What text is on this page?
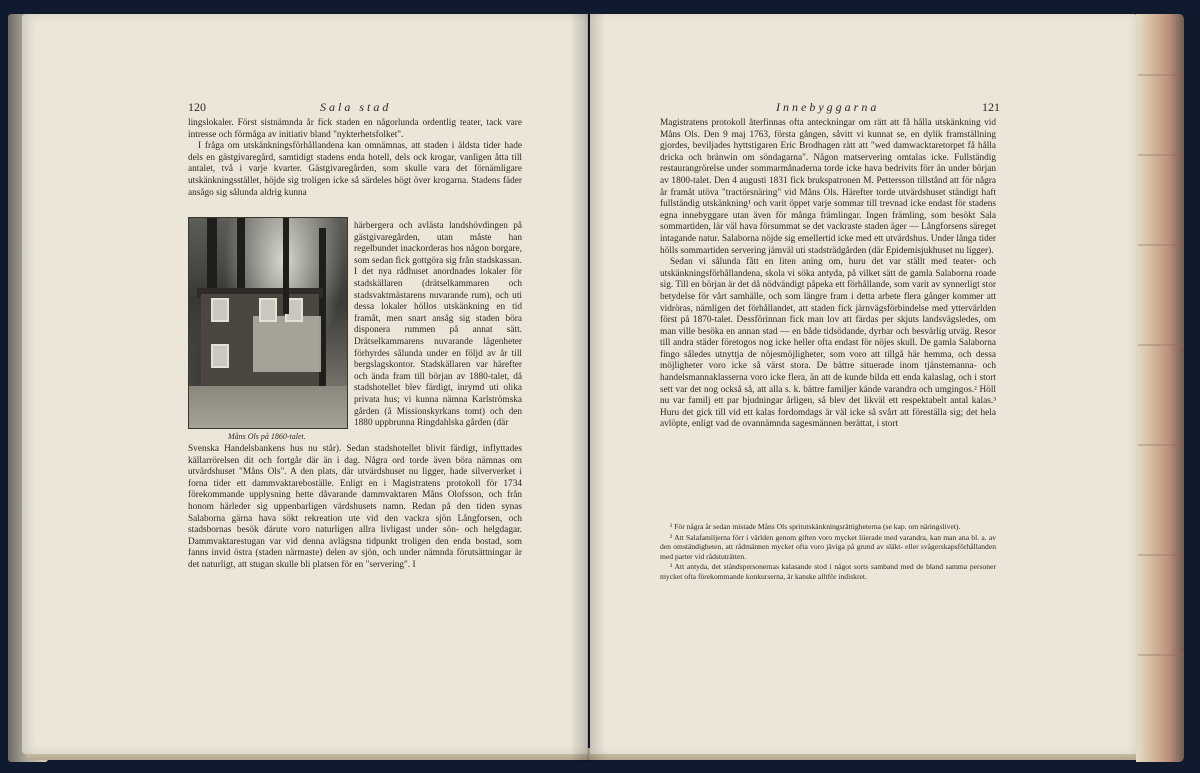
120	Sala stad

lingslokaler. Först sistnämnda år fick staden en någorlunda ordentlig teater, tack vare intresse och förmåga av initiativ bland "nykterhetsfolket".

I fråga om utskänkningsförhållandena kan omnämnas, att staden i äldsta tider hade dels en gästgivaregård, samtidigt stadens enda hotell, dels ock krogar, vanligen åtta till antalet, två i varje kvarter. Gästgivaregården, som skulle vara det förnämligare utskänkningsstället, höjde sig troligen icke så särdeles högt över krogarna. Stadens fäder ansågo sig sålunda aldrig kunna

Måns Ols på 1860-talet.

härbergera och avlästa landshövdingen på gästgivaregården, utan måste han regelbundet inackorderas hos någon borgare, som sedan fick gottgöra sig från stadskassan. I det nya rådhuset anordnades lokaler för stadskällaren (drätselkammaren och stadsvaktmästarens nuvarande rum), och uti dessa lokaler höllos utskänkning en tid framåt, men snart ansåg sig staden böra disponera rummen på annat sätt. Drätselkammarens nuvarande lägenheter förhyrdes sålunda under en följd av år till bergslagskontor. Stadskällaren var härefter och ända fram till början av 1880-talet, då stadshotellet blev färdigt, inrymd uti olika privata hus; vi kunna nämna Karlströmska gården (å Missionskyrkans tomt) och den 1880 uppbrunna Ringdahlska gården (där

Svenska Handelsbankens hus nu står). Sedan stadshotellet blivit färdigt, inflyttades källarrörelsen dit och fortgår där än i dag. Några ord torde även böra nämnas om utvärdshuset "Måns Ols". A den plats, där utvärdshuset nu ligger, hade silververket i forna tider ett dammvaktareboställe. Enligt en i Magistratens protokoll för 1734 förekommande upplysning hette dåvarande dammvaktaren Måns Olofsson, och från honom härleder sig uppenbarligen värdshusets namn. Redan på den tiden synas Salaborna gärna hava sökt rekreation ute vid den vackra sjön Långforsen, och stadsbornas besök därute voro naturligen allra livligast under sön- och helgdagar. Dammvaktarestugan var vid denna avlägsna tidpunkt troligen den enda bostad, som fanns invid östra (staden närmaste) delen av sjön, och under nämnda förutsättningar är det naturligt, att stugan skulle bli platsen för en "servering". I

Innebyggarna	121

Magistratens protokoll återfinnas ofta anteckningar om rätt att få hålla utskänkning vid Måns Ols. Den 9 maj 1763, första gången, såvitt vi kunnat se, en dylik framställning gjordes, beviljades hyttstigaren Eric Brodhagen rätt att "wed damwacktaretorpet få hålla dricka och bränwin om söndagarna". Någon matservering omtalas icke. Fullständig restaurangrörelse under sommarmånaderna torde icke hava bedrivits förr än under början av 1800-talet. Den 4 augusti 1831 fick brukspatronen M. Pettersson tillstånd att för några år framåt utöva "tractörsnäring" vid Måns Ols. Härefter torde utvärdshuset ständigt haft fullständig utskänkning¹ och varit öppet varje sommar till trevnad icke endast för stadens egna innebyggare utan även för många främlingar. Ingen främling, som besökt Sala sommartiden, lär väl hava försummat se det vackraste staden äger — Långforsens säreget intagande natur. Salaborna nöjde sig emellertid icke med ett utvärdshus. Under långa tider hölls sommartiden servering jämväl uti stadsträdgården (där Epidemisjukhuset nu ligger).

Sedan vi sålunda fått en liten aning om, huru det var ställt med teater- och utskänkningsförhållandena, skola vi söka antyda, på vilket sätt de gamla Salaborna roade sig. Till en början är det då nödvändigt påpeka ett förhållande, som varit av synnerligt stor betydelse för vårt samhälle, och som längre fram i detta arbete flera gånger kommer att vidröras, nämligen det förhållandet, att staden fick järnvägsförbindelse med yttervärlden först på 1870-talet. Dessförinnan fick man lov att färdas per skjuts landsvägsledes, om man ville besöka en annan stad — en både tidsödande, dyrbar och besvärlig utväg. Resor till andra städer företogos nog icke heller ofta endast för nöjes skull. De gamla Salaborna fingo således utnyttja de nöjesmöjligheter, som voro att tillgå här hemma, och dessa möjligheter voro icke så värst stora. De bättre situerade inom tjänstemanna- och handelsmannaklasserna voro icke flera, än att de kunde bilda ett enda kalaslag, och i stort sett var det nog också så, att alla s. k. bättre familjer kände varandra och umgingos.² Höll nu var familj ett par bjudningar årligen, så blev det likväl ett respektabelt antal kalas.³ Huru det gick till vid ett kalas fordomdags är väl icke så svårt att föreställa sig; det hela avlöpte, enligt vad de ovannämnda sagesmännen berättat, i stort

¹ För några år sedan mistade Måns Ols spritutskänkningsrättigheterna (se kap. om näringslivet).

² Att Salafamiljerna förr i världen genom giften voro mycket liierade med varandra, kan man ana bl. a. av den omständigheten, att rådmännen mycket ofta voro jäviga på grund av släkt- eller svågerskapsförhållanden med parter vid rådstuträtten.

³ Att antyda, det ståndspersonernas kalasande stod i något sorts samband med de bland samma personer mycket ofta förekommande konkurserna, är kanske alltför indiskret.
